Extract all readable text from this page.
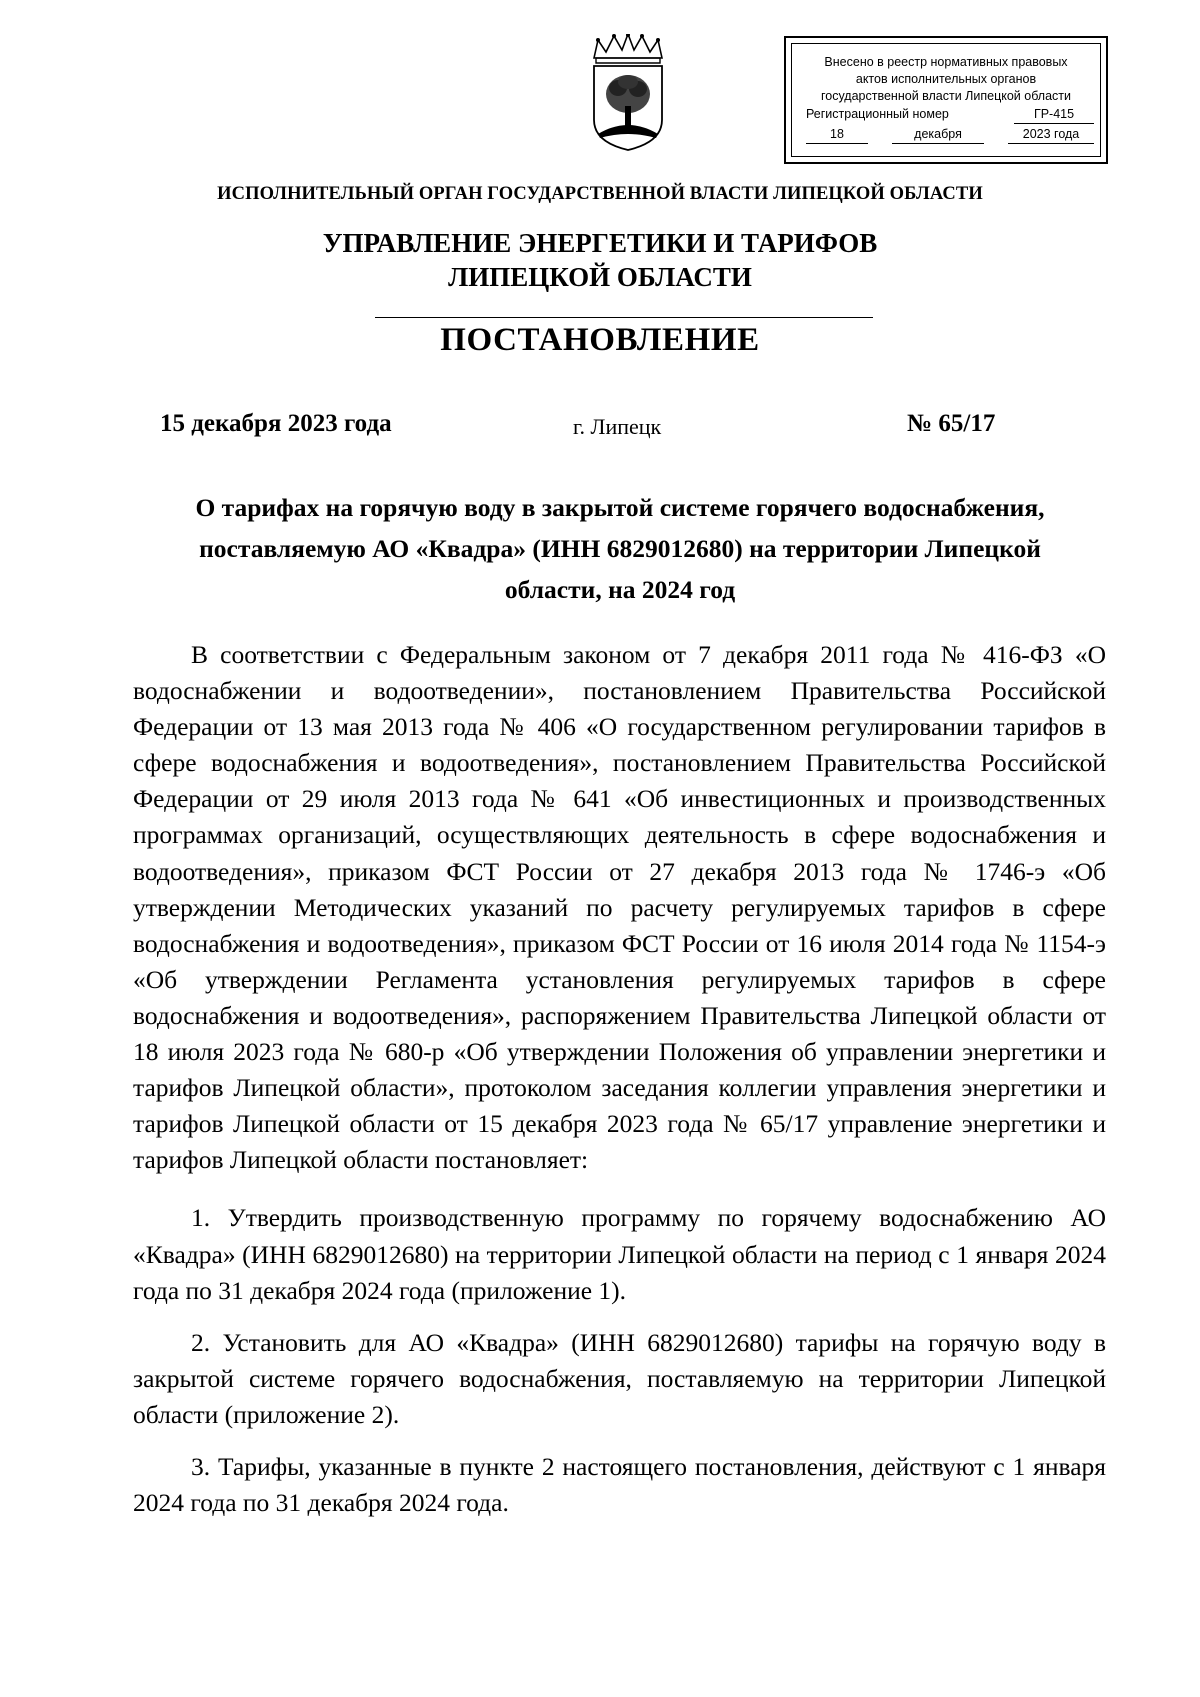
Внесено в реестр нормативных правовых
актов исполнительных органов
государственной власти Липецкой области
Регистрационный номер	ГР-415
18	декабря	2023 года
ИСПОЛНИТЕЛЬНЫЙ ОРГАН ГОСУДАРСТВЕННОЙ ВЛАСТИ ЛИПЕЦКОЙ ОБЛАСТИ
УПРАВЛЕНИЕ ЭНЕРГЕТИКИ И ТАРИФОВ
ЛИПЕЦКОЙ ОБЛАСТИ
ПОСТАНОВЛЕНИЕ
15 декабря 2023 года	г. Липецк	№ 65/17
О тарифах на горячую воду в закрытой системе горячего водоснабжения,
поставляемую АО «Квадра» (ИНН 6829012680) на территории Липецкой
области, на 2024 год

В соответствии с Федеральным законом от 7 декабря 2011 года № 416-ФЗ «О водоснабжении и водоотведении», постановлением Правительства Российской Федерации от 13 мая 2013 года № 406 «О государственном регулировании тарифов в сфере водоснабжения и водоотведения», постановлением Правительства Российской Федерации от 29 июля 2013 года № 641 «Об инвестиционных и производственных программах организаций, осуществляющих деятельность в сфере водоснабжения и водоотведения», приказом ФСТ России от 27 декабря 2013 года № 1746-э «Об утверждении Методических указаний по расчету регулируемых тарифов в сфере водоснабжения и водоотведения», приказом ФСТ России от 16 июля 2014 года № 1154-э «Об утверждении Регламента установления регулируемых тарифов в сфере водоснабжения и водоотведения», распоряжением Правительства Липецкой области от 18 июля 2023 года № 680-р «Об утверждении Положения об управлении энергетики и тарифов Липецкой области», протоколом заседания коллегии управления энергетики и тарифов Липецкой области от 15 декабря 2023 года № 65/17 управление энергетики и тарифов Липецкой области постановляет:

1. Утвердить производственную программу по горячему водоснабжению АО «Квадра» (ИНН 6829012680) на территории Липецкой области на период с 1 января 2024 года по 31 декабря 2024 года (приложение 1).

2. Установить для АО «Квадра» (ИНН 6829012680) тарифы на горячую воду в закрытой системе горячего водоснабжения, поставляемую на территории Липецкой области (приложение 2).

3. Тарифы, указанные в пункте 2 настоящего постановления, действуют с 1 января 2024 года по 31 декабря 2024 года.
